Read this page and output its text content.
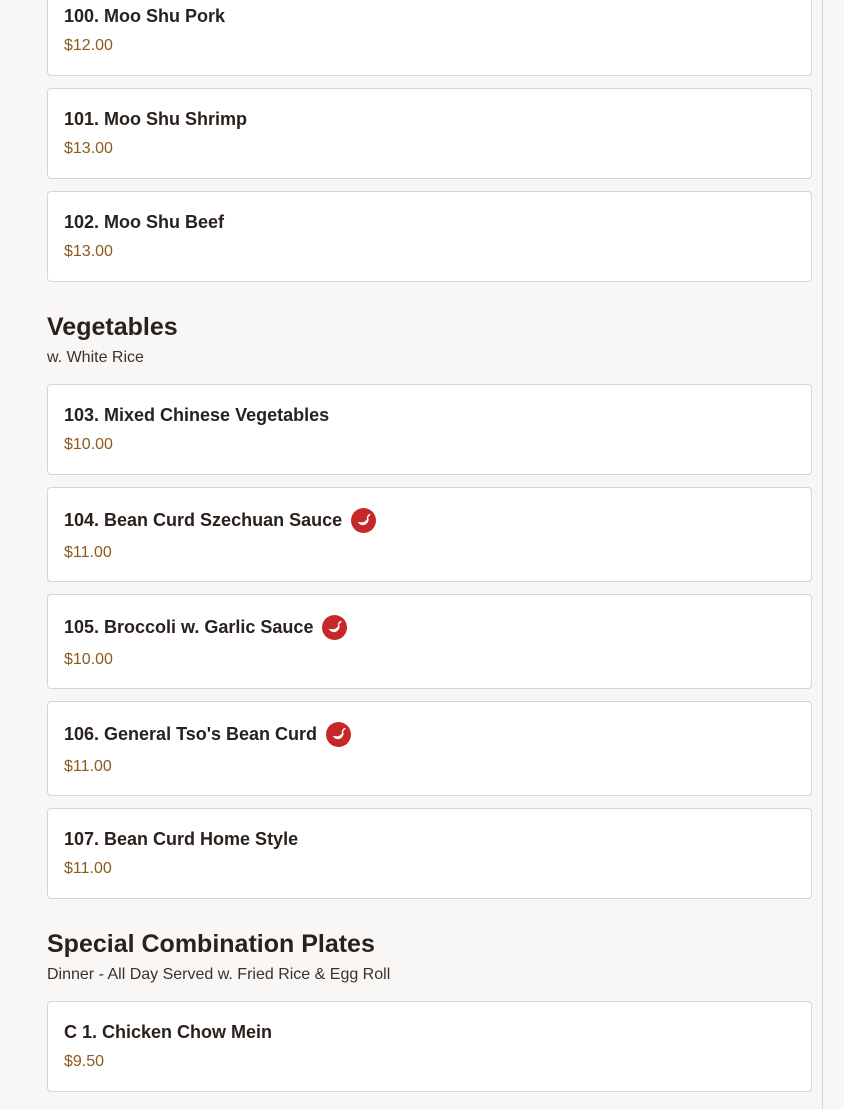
100. Moo Shu Pork
$12.00
101. Moo Shu Shrimp
$13.00
102. Moo Shu Beef
$13.00
Vegetables
w. White Rice
103. Mixed Chinese Vegetables
$10.00
104. Bean Curd Szechuan Sauce
$11.00
105. Broccoli w. Garlic Sauce
$10.00
106. General Tso's Bean Curd
$11.00
107. Bean Curd Home Style
$11.00
Special Combination Plates
Dinner - All Day Served w. Fried Rice & Egg Roll
C 1. Chicken Chow Mein
$9.50
